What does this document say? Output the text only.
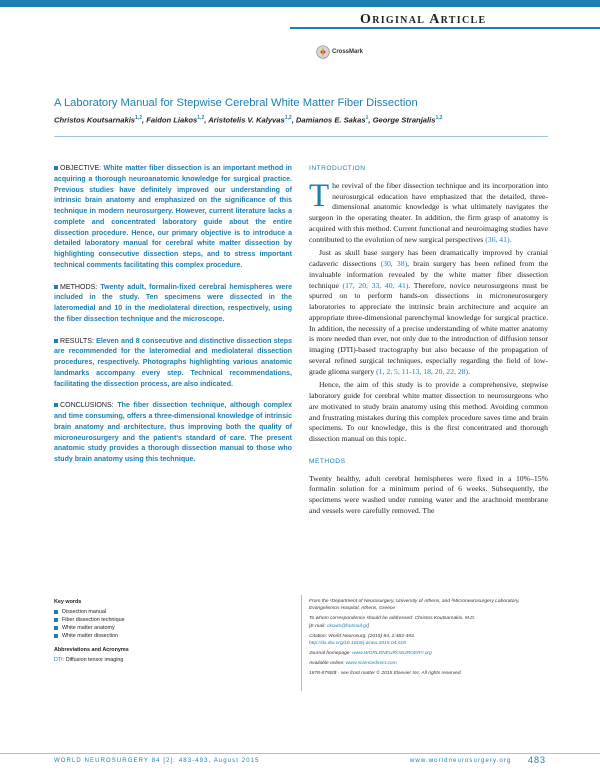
Original Article
CrossMark
A Laboratory Manual for Stepwise Cerebral White Matter Fiber Dissection
Christos Koutsarnakis$^{1,2}$, Faidon Liakos$^{1,2}$, Aristotelis V. Kalyvas$^{1,2}$, Damianos E. Sakas$^1$, George Stranjalis$^{1,2}$

OBJECTIVE: White matter fiber dissection is an important method in acquiring a thorough neuroanatomic knowledge for surgical practice. Previous studies have definitely improved our understanding of intrinsic brain anatomy and emphasized on the significance of this technique in modern neurosurgery. However, current literature lacks a complete and concentrated laboratory guide about the entire dissection procedure. Hence, our primary objective is to introduce a detailed laboratory manual for cerebral white matter dissection by highlighting consecutive dissection steps, and to stress important technical comments facilitating this complex procedure.

METHODS: Twenty adult, formalin-fixed cerebral hemispheres were included in the study. Ten specimens were dissected in the lateromedial and 10 in the mediolateral direction, respectively, using the fiber dissection technique and the microscope.

RESULTS: Eleven and 8 consecutive and distinctive dissection steps are recommended for the lateromedial and mediolateral dissection procedures, respectively. Photographs highlighting various anatomic landmarks accompany every step. Technical recommendations, facilitating the dissection process, are also indicated.

CONCLUSIONS: The fiber dissection technique, although complex and time consuming, offers a three-dimensional knowledge of intrinsic brain anatomy and architecture, thus improving both the quality of microneurosurgery and the patient's standard of care. The present anatomic study provides a thorough dissection manual to those who study brain anatomy using this technique.

INTRODUCTION

The revival of the fiber dissection technique and its incorporation into neurosurgical education have emphasized that the detailed, three-dimensional anatomic knowledge is what ultimately navigates the surgeon in the operating theater. In addition, the firm grasp of anatomy is acquired with this method. Current functional and neuroimaging studies have contributed to the evolution of new surgical perspectives (36, 41).

Just as skull base surgery has been dramatically improved by cranial cadaveric dissections (30, 38), brain surgery has been refined from the invaluable information revealed by the white matter fiber dissection technique (17, 20, 33, 40, 41). Therefore, novice neurosurgeons must be spurred on to perform hands-on dissections in microneurosurgery laboratories to appreciate the intrinsic brain architecture and acquire an appropriate three-dimensional parenchymal knowledge for surgical practice. In addition, the necessity of a precise understanding of white matter anatomy is more needed than ever, not only due to the introduction of diffusion tensor imaging (DTI)-based tractography but also because of the propagation of several refined surgical techniques, especially regarding the field of low-grade glioma surgery (1, 2, 5, 11-13, 18, 20, 22, 28).

Hence, the aim of this study is to provide a comprehensive, stepwise laboratory guide for cerebral white matter dissection to neurosurgeons who are motivated to study brain anatomy using this method. Avoiding common and frustrating mistakes during this complex procedure saves time and brain specimens. To our knowledge, this is the first concentrated and thorough dissection manual on this topic.

METHODS

Twenty healthy, adult cerebral hemispheres were fixed in a 10%–15% formalin solution for a minimum period of 6 weeks. Subsequently, the specimens were washed under running water and the arachnoid membrane and vessels were carefully removed. The

Key words
Dissection manual
Fiber dissection technique
White matter anatomy
White matter dissection
Abbreviations and Acronyms
DTI: Diffusion tensor imaging
From the ¹Department of Neurosurgery, University of Athens, and ²Microneurosurgery Laboratory, Evangelismos Hospital, Athens, Greece
To whom correspondence should be addressed: Christos Koutsarnakis, M.D.
[E-mail: ckouts@hotmail.gr]
Citation: World Neurosurg. (2015) 84, 2:483-493.
http://dx.doi.org/10.1016/j.wneu.2015.04.018
Journal homepage: www.WORLDNEUROSURGERY.org
Available online: www.sciencedirect.com
1878-8750/$ - see front matter © 2015 Elsevier Inc. All rights reserved.
WORLD NEUROSURGERY 84 [2]: 483-493, August 2015	www.worldneurosurgery.org 483
